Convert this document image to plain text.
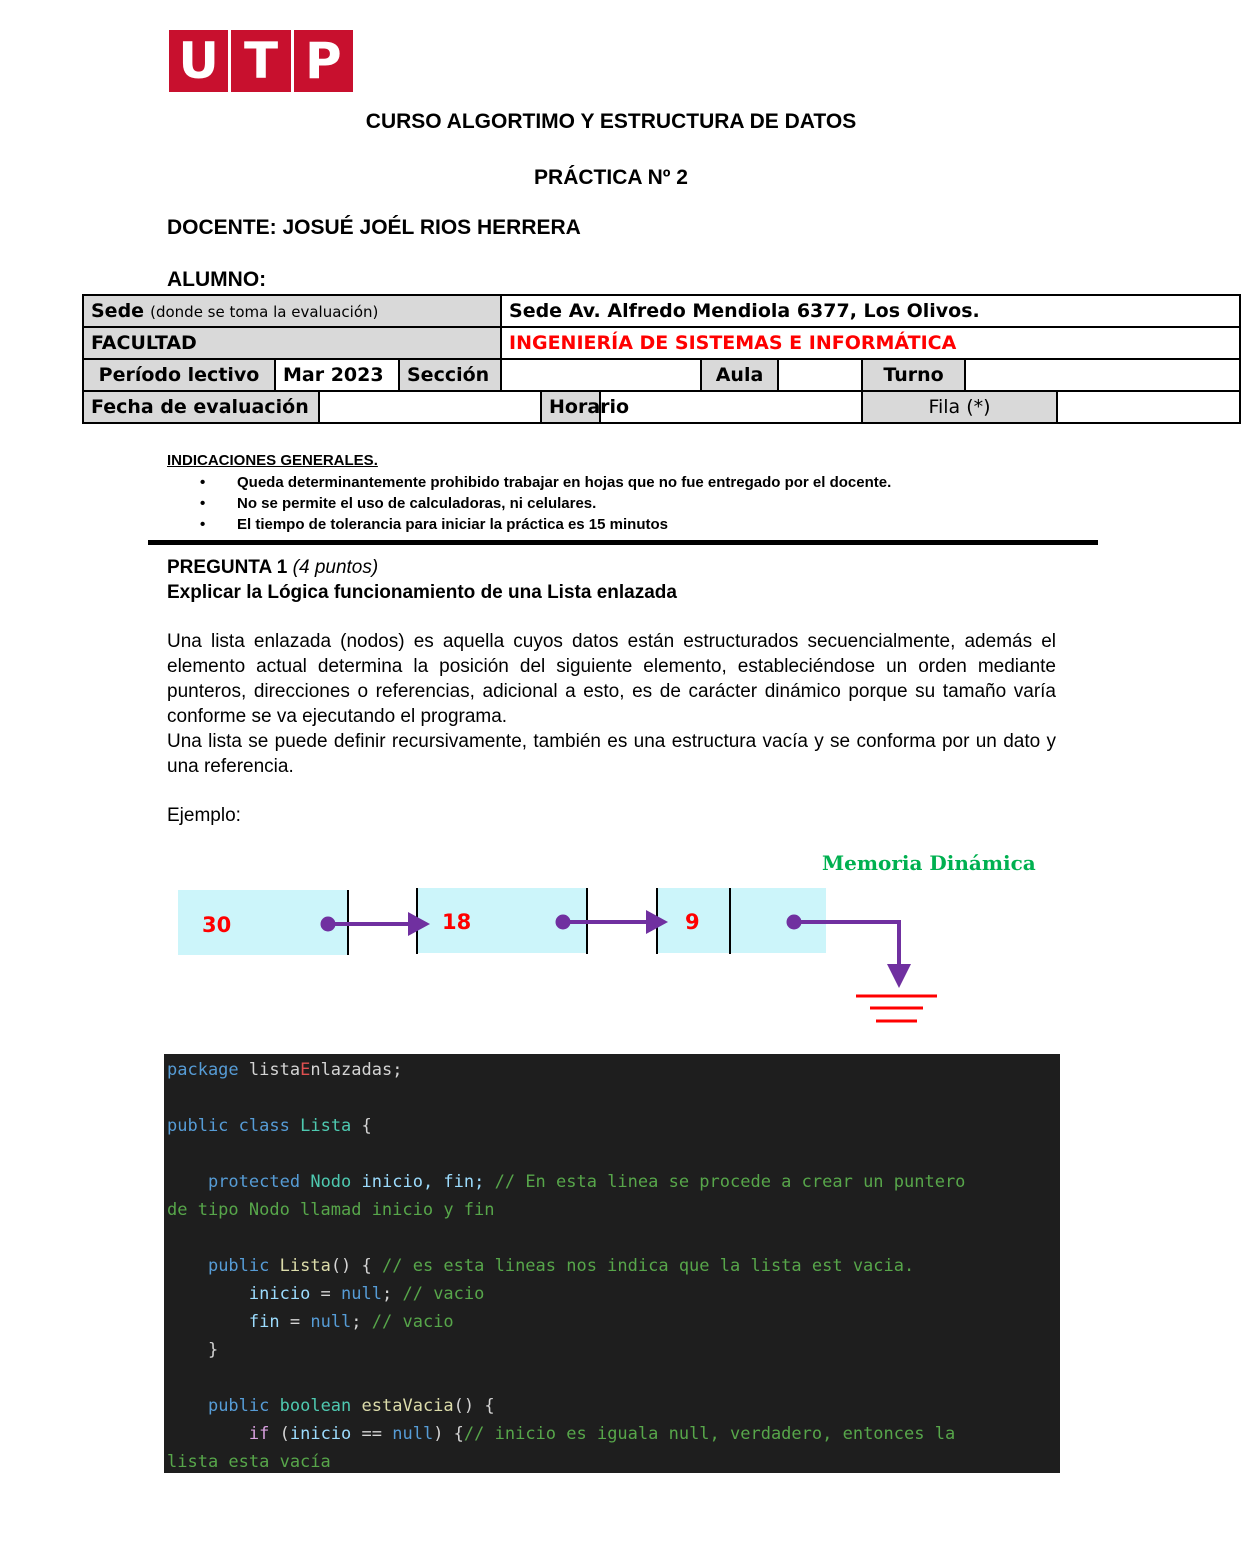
U T P
CURSO ALGORTIMO Y ESTRUCTURA DE DATOS
PRÁCTICA Nº 2
DOCENTE: JOSUÉ JOÉL RIOS HERRERA
ALUMNO:
Sede (donde se toma la evaluación)				Sede Av. Alfredo Mendiola 6377, Los Olivos.							
FACULTAD				INGENIERÍA DE SISTEMAS E INFORMÁTICA							
Período lectivo	Mar 2023		Sección				Aula		Turno		
Fecha de evaluación					Horario				Fila (*)		
INDICACIONES GENERALES.
• Queda determinantemente prohibido trabajar en hojas que no fue entregado por el docente.
• No se permite el uso de calculadoras, ni celulares.
• El tiempo de tolerancia para iniciar la práctica es 15 minutos
PREGUNTA 1 (4 puntos)
Explicar la Lógica funcionamiento de una Lista enlazada

Una lista enlazada (nodos) es aquella cuyos datos están estructurados secuencialmente, además el elemento actual determina la posición del siguiente elemento, estableciéndose un orden mediante punteros, direcciones o referencias, adicional a esto, es de carácter dinámico porque su tamaño varía conforme se va ejecutando el programa.

Una lista se puede definir recursivamente, también es una estructura vacía y se conforma por un dato y una referencia.

Ejemplo:
Memoria Dinámica
30	18	9
package listaEnlazadas;
public class Lista {
protected Nodo inicio, fin; // En esta linea se procede a crear un puntero
de tipo Nodo llamad inicio y fin
public Lista() { // es esta lineas nos indica que la lista est vacia.
inicio = null; // vacio
fin = null; // vacio
}
public boolean estaVacia() {
if (inicio == null) {// inicio es iguala null, verdadero, entonces la
lista esta vacía
